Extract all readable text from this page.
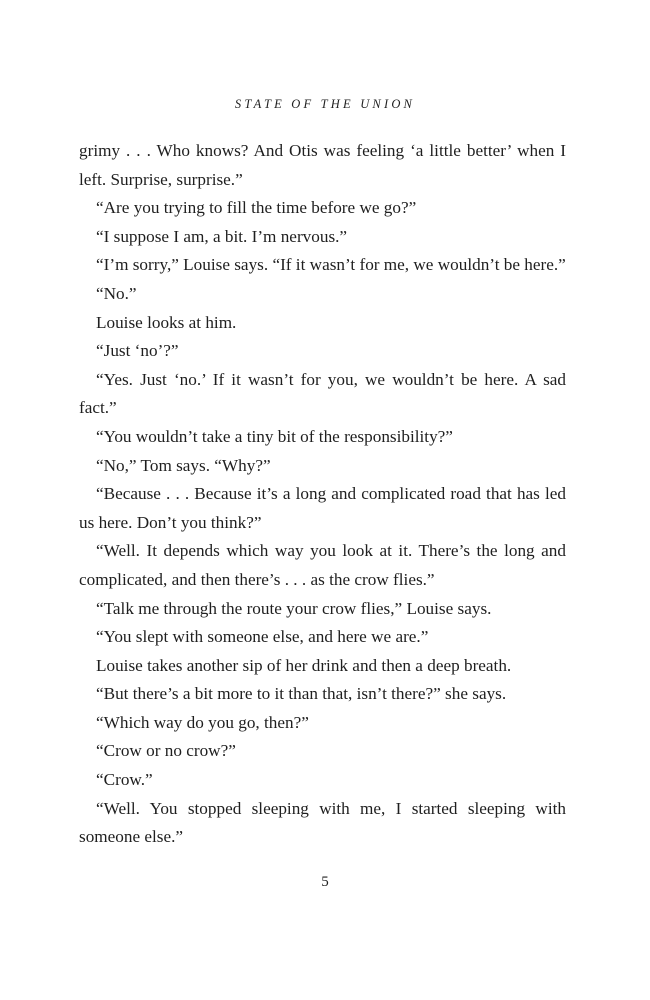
STATE OF THE UNION

grimy . . . Who knows? And Otis was feeling ‘a little better’ when I left. Surprise, surprise.”

“Are you trying to fill the time before we go?”

“I suppose I am, a bit. I’m nervous.”

“I’m sorry,” Louise says. “If it wasn’t for me, we wouldn’t be here.”

“No.”

Louise looks at him.

“Just ‘no’?”

“Yes. Just ‘no.’ If it wasn’t for you, we wouldn’t be here. A sad fact.”

“You wouldn’t take a tiny bit of the responsibility?”

“No,” Tom says. “Why?”

“Because . . . Because it’s a long and complicated road that has led us here. Don’t you think?”

“Well. It depends which way you look at it. There’s the long and complicated, and then there’s . . . as the crow flies.”

“Talk me through the route your crow flies,” Louise says.

“You slept with someone else, and here we are.”

Louise takes another sip of her drink and then a deep breath.

“But there’s a bit more to it than that, isn’t there?” she says.

“Which way do you go, then?”

“Crow or no crow?”

“Crow.”

“Well. You stopped sleeping with me, I started sleeping with someone else.”

5
